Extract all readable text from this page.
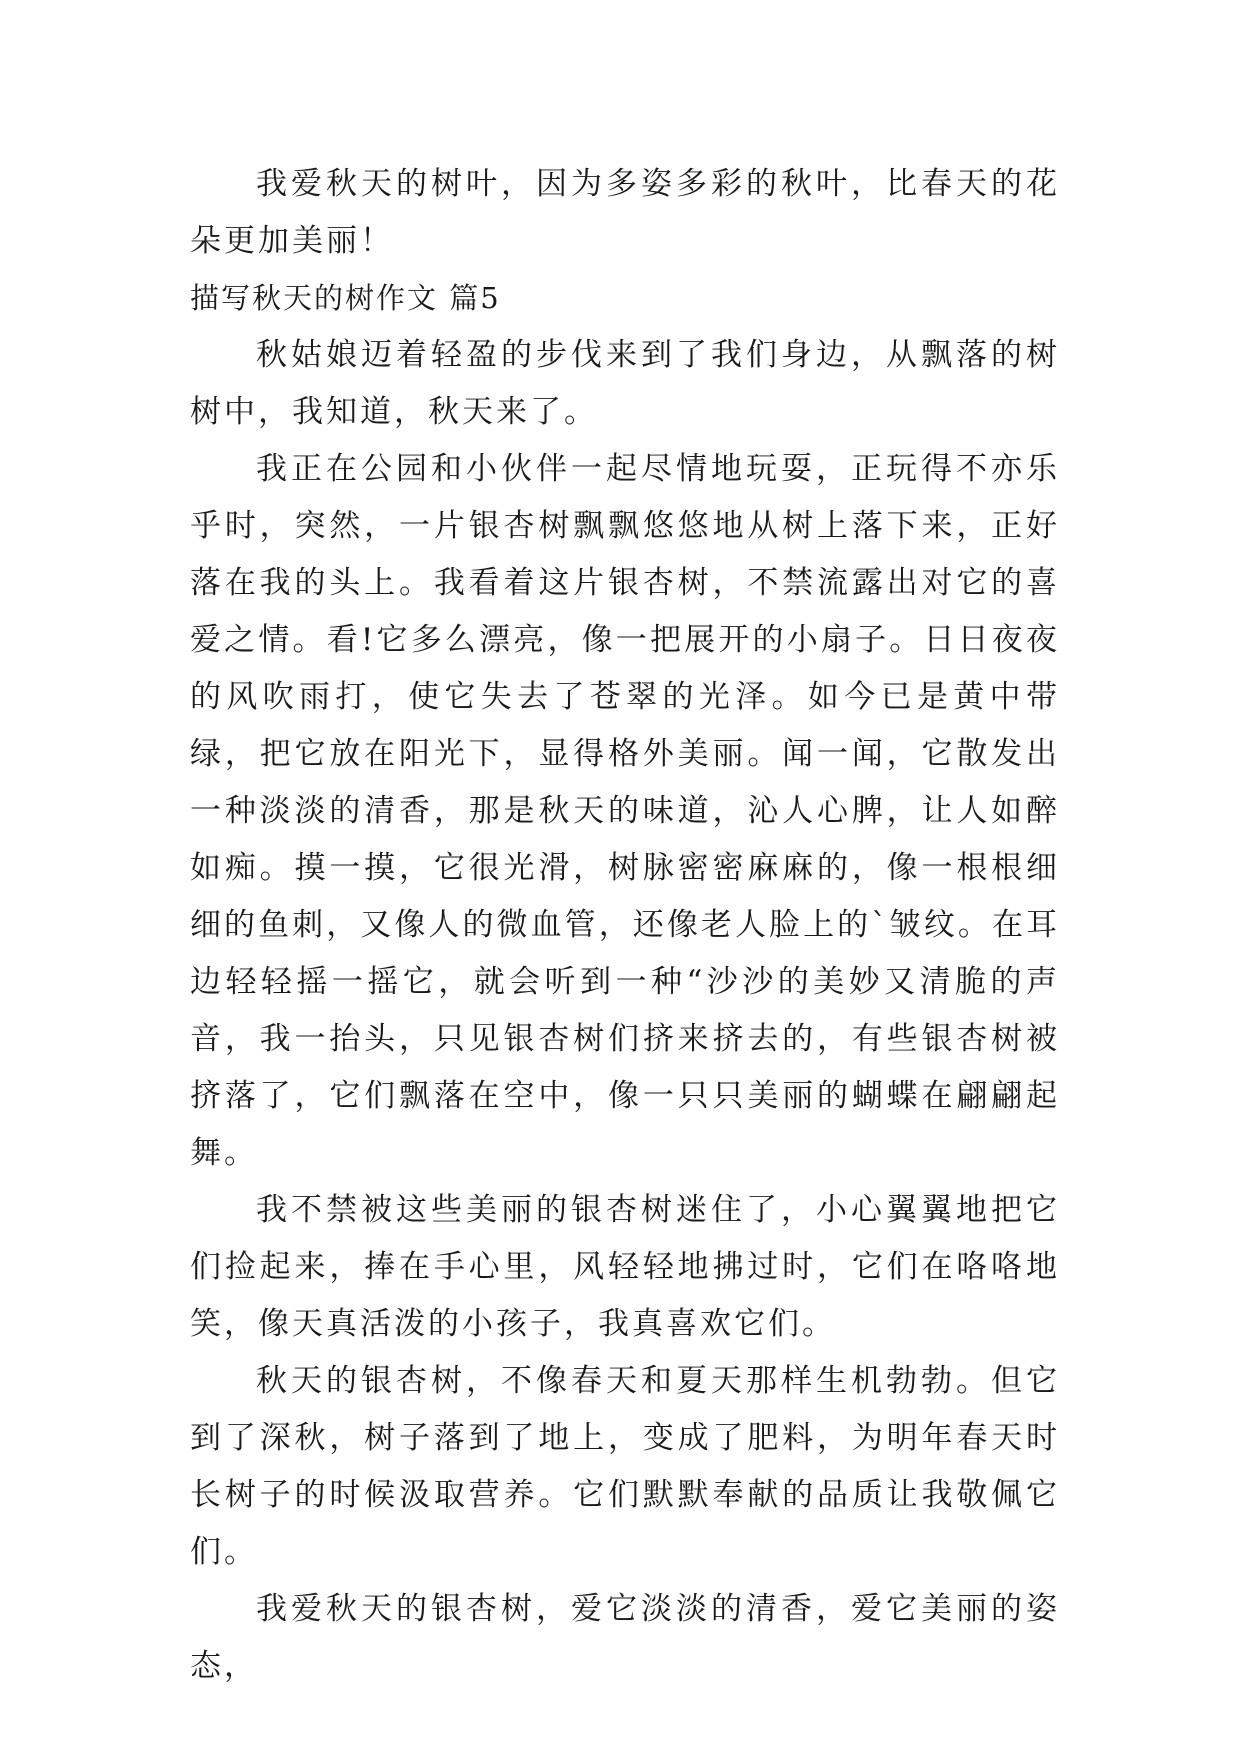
我爱秋天的树叶，因为多姿多彩的秋叶，比春天的花朵更加美丽！

描写秋天的树作文 篇5

秋姑娘迈着轻盈的步伐来到了我们身边，从飘落的树树中，我知道，秋天来了。

我正在公园和小伙伴一起尽情地玩耍，正玩得不亦乐乎时，突然，一片银杏树飘飘悠悠地从树上落下来，正好落在我的头上。我看着这片银杏树，不禁流露出对它的喜爱之情。看!它多么漂亮，像一把展开的小扇子。日日夜夜的风吹雨打，使它失去了苍翠的光泽。如今已是黄中带绿，把它放在阳光下，显得格外美丽。闻一闻，它散发出一种淡淡的清香，那是秋天的味道，沁人心脾，让人如醉如痴。摸一摸，它很光滑，树脉密密麻麻的，像一根根细细的鱼刺，又像人的微血管，还像老人脸上的`皱纹。在耳边轻轻摇一摇它，就会听到一种“沙沙的美妙又清脆的声音，我一抬头，只见银杏树们挤来挤去的，有些银杏树被挤落了，它们飘落在空中，像一只只美丽的蝴蝶在翩翩起舞。

我不禁被这些美丽的银杏树迷住了，小心翼翼地把它们捡起来，捧在手心里，风轻轻地拂过时，它们在咯咯地笑，像天真活泼的小孩子，我真喜欢它们。

秋天的银杏树，不像春天和夏天那样生机勃勃。但它到了深秋，树子落到了地上，变成了肥料，为明年春天时长树子的时候汲取营养。它们默默奉献的品质让我敬佩它们。

我爱秋天的银杏树，爱它淡淡的清香，爱它美丽的姿态，
